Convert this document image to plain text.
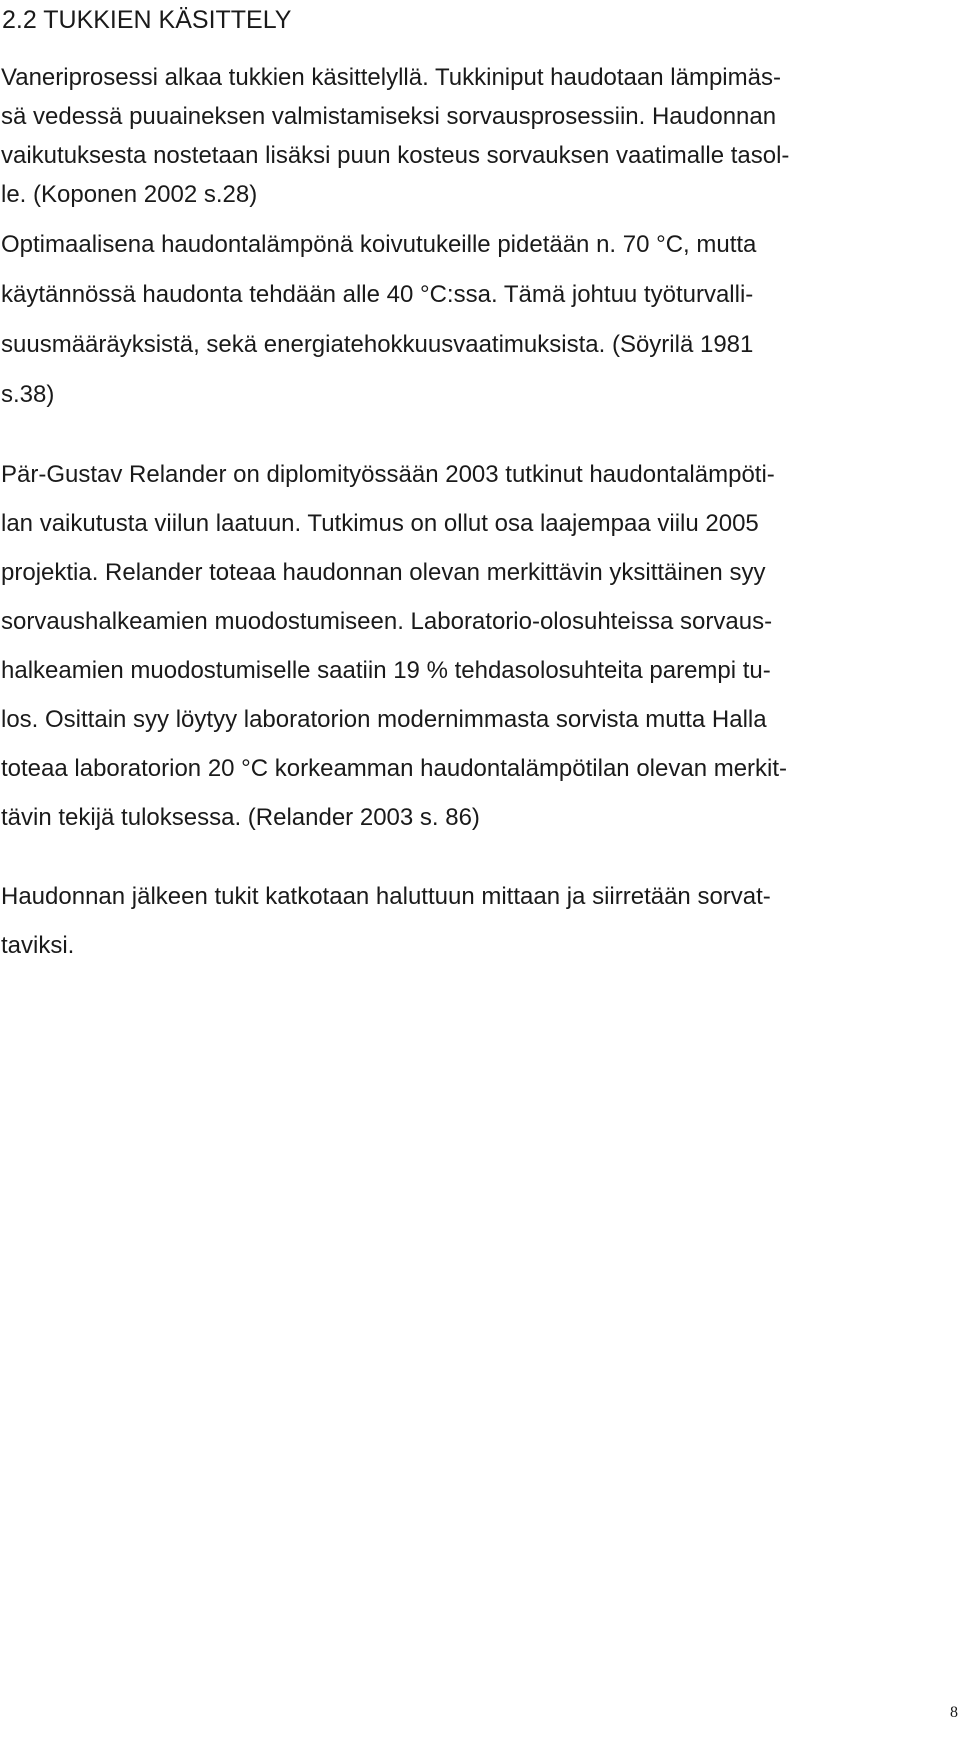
2.2 TUKKIEN KÄSITTELY
Vaneriprosessi alkaa tukkien käsittelyllä. Tukkiniput haudotaan lämpimäs-
sä vedessä puuaineksen valmistamiseksi sorvausprosessiin. Haudonnan
vaikutuksesta nostetaan lisäksi puun kosteus sorvauksen vaatimalle tasol-
le. (Koponen 2002 s.28)
Optimaalisena haudontalämpönä koivutukeille pidetään n. 70 °C, mutta
käytännössä haudonta tehdään alle 40 °C:ssa. Tämä johtuu työturvalli-
suusmääräyksistä, sekä energiatehokkuusvaatimuksista. (Söyrilä 1981
s.38)
Pär-Gustav Relander on diplomityössään 2003 tutkinut haudontalämpöti-
lan vaikutusta viilun laatuun. Tutkimus on ollut osa laajempaa viilu 2005
projektia. Relander toteaa haudonnan olevan merkittävin yksittäinen syy
sorvaushalkeamien muodostumiseen. Laboratorio-olosuhteissa sorvaus-
halkeamien muodostumiselle saatiin 19 % tehdasolosuhteita parempi tu-
los. Osittain syy löytyy laboratorion modernimmasta sorvista mutta Halla
toteaa laboratorion 20 °C korkeamman haudontalämpötilan olevan merkit-
tävin tekijä tuloksessa. (Relander 2003 s. 86)
Haudonnan jälkeen tukit katkotaan haluttuun mittaan ja siirretään sorvat-
taviksi.
8
